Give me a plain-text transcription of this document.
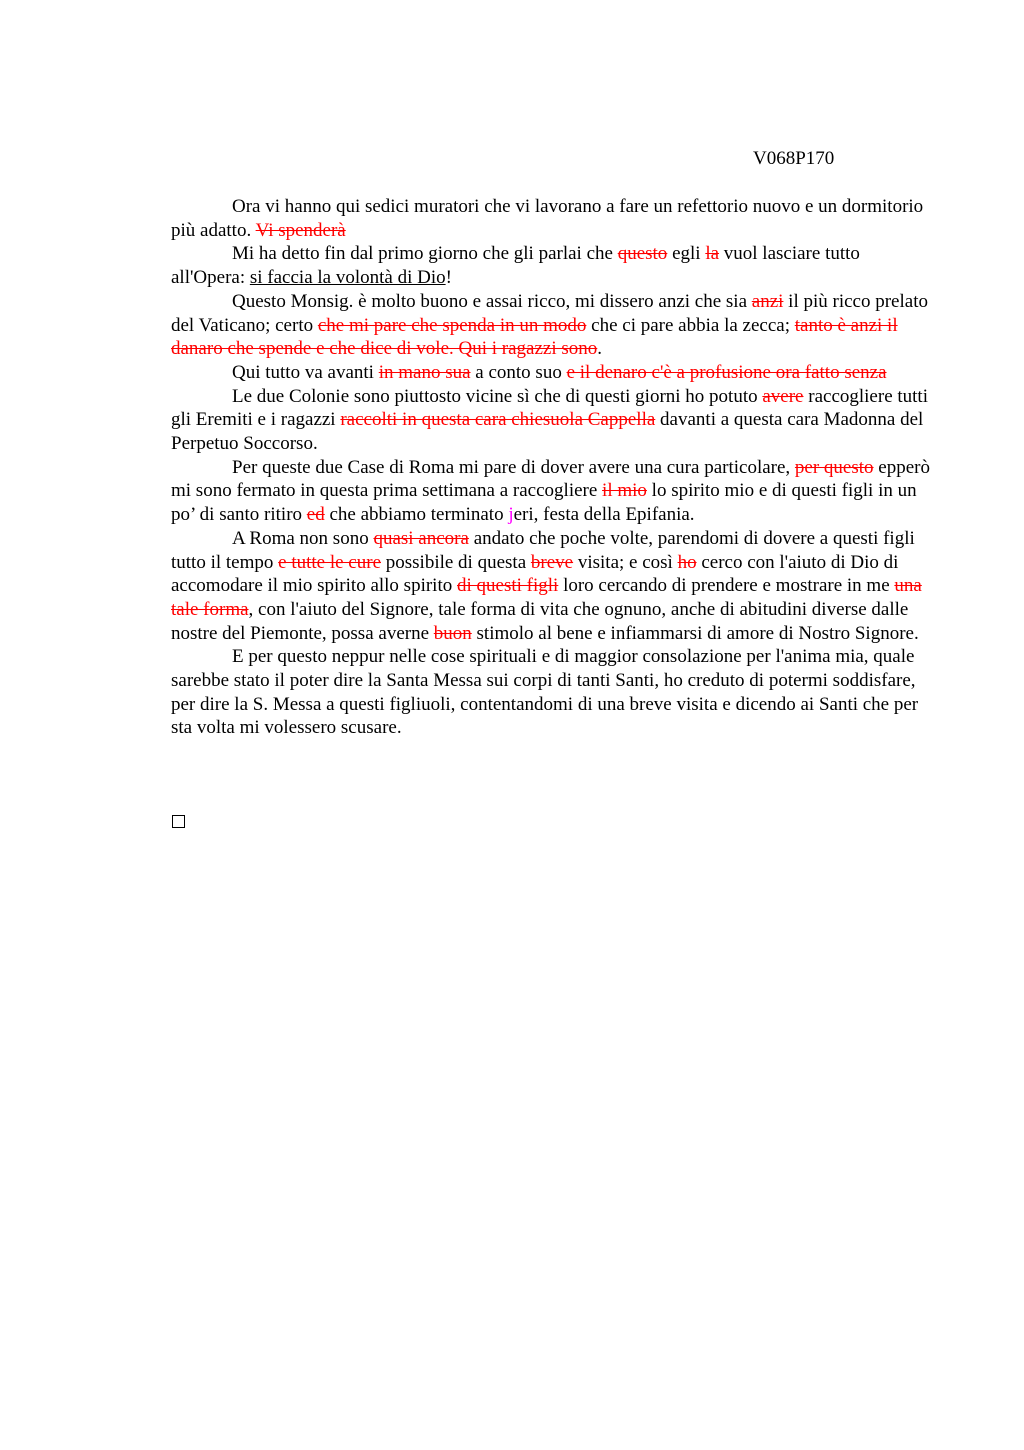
V068P170

Ora vi hanno qui sedici muratori che vi lavorano a fare un refettorio nuovo e un dormitorio più adatto. Vi spenderà

Mi ha detto fin dal primo giorno che gli parlai che questo egli la vuol lasciare tutto all'Opera: si faccia la volontà di Dio!

Questo Monsig. è molto buono e assai ricco, mi dissero anzi che sia anzi il più ricco prelato del Vaticano; certo che mi pare che spenda in un modo che ci pare abbia la zecca; tanto è anzi il danaro che spende e che dice di vole. Qui i ragazzi sono.

Qui tutto va avanti in mano sua a conto suo e il denaro c'è a profusione ora fatto senza

Le due Colonie sono piuttosto vicine sì che di questi giorni ho potuto avere raccogliere tutti gli Eremiti e i ragazzi raccolti in questa cara chiesuola Cappella davanti a questa cara Madonna del Perpetuo Soccorso.

Per queste due Case di Roma mi pare di dover avere una cura particolare, per questo epperò mi sono fermato in questa prima settimana a raccogliere il mio lo spirito mio e di questi figli in un po’ di santo ritiro ed che abbiamo terminato jeri, festa della Epifania.

A Roma non sono quasi ancora andato che poche volte, parendomi di dovere a questi figli tutto il tempo e tutte le cure possibile di questa breve visita; e così ho cerco con l'aiuto di Dio di accomodare il mio spirito allo spirito di questi figli loro cercando di prendere e mostrare in me una tale forma, con l'aiuto del Signore, tale forma di vita che ognuno, anche di abitudini diverse dalle nostre del Piemonte, possa averne buon stimolo al bene e infiammarsi di amore di Nostro Signore.

E per questo neppur nelle cose spirituali e di maggior consolazione per l'anima mia, quale sarebbe stato il poter dire la Santa Messa sui corpi di tanti Santi, ho creduto di potermi soddisfare, per dire la S. Messa a questi figliuoli, contentandomi di una breve visita e dicendo ai Santi che per sta volta mi volessero scusare.
